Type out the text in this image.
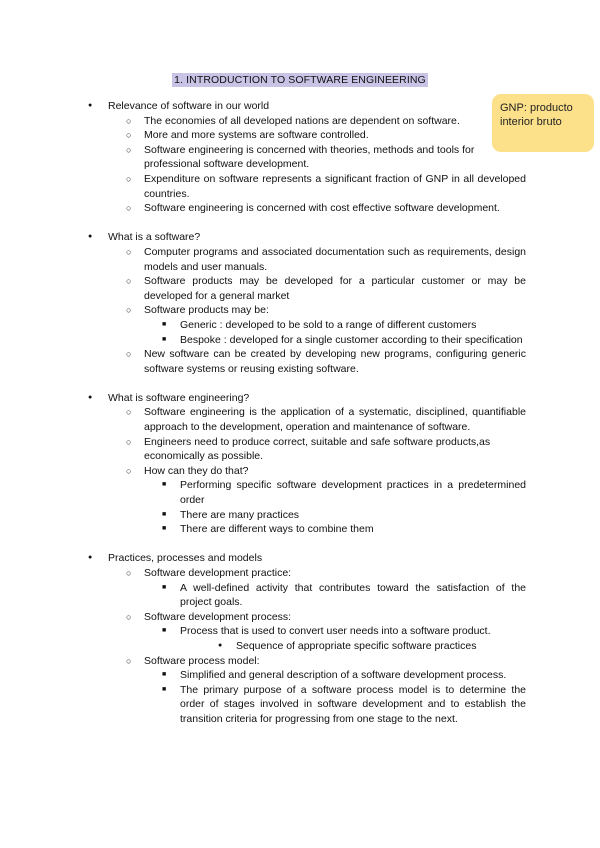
1. INTRODUCTION TO SOFTWARE ENGINEERING
GNP: producto interior bruto
● Relevance of software in our world
○ The economies of all developed nations are dependent on software.
○ More and more systems are software controlled.
○ Software engineering is concerned with theories, methods and tools for professional software development.
○ Expenditure on software represents a significant fraction of GNP in all developed countries.
○ Software engineering is concerned with cost effective software development.
● What is a software?
○ Computer programs and associated documentation such as requirements, design models and user manuals.
○ Software products may be developed for a particular customer or may be developed for a general market
○ Software products may be:
■ Generic : developed to be sold to a range of different customers
■ Bespoke : developed for a single customer according to their specification
○ New software can be created by developing new programs, configuring generic software systems or reusing existing software.
● What is software engineering?
○ Software engineering is the application of a systematic, disciplined, quantifiable approach to the development, operation and maintenance of software.
○ Engineers need to produce correct, suitable and safe software products,as economically as possible.
○ How can they do that?
■ Performing specific software development practices in a predetermined order
■ There are many practices
■ There are different ways to combine them
● Practices, processes and models
○ Software development practice:
■ A well-defined activity that contributes toward the satisfaction of the project goals.
○ Software development process:
■ Process that is used to convert user needs into a software product.
● Sequence of appropriate specific software practices
○ Software process model:
■ Simplified and general description of a software development process.
■ The primary purpose of a software process model is to determine the order of stages involved in software development and to establish the transition criteria for progressing from one stage to the next.
